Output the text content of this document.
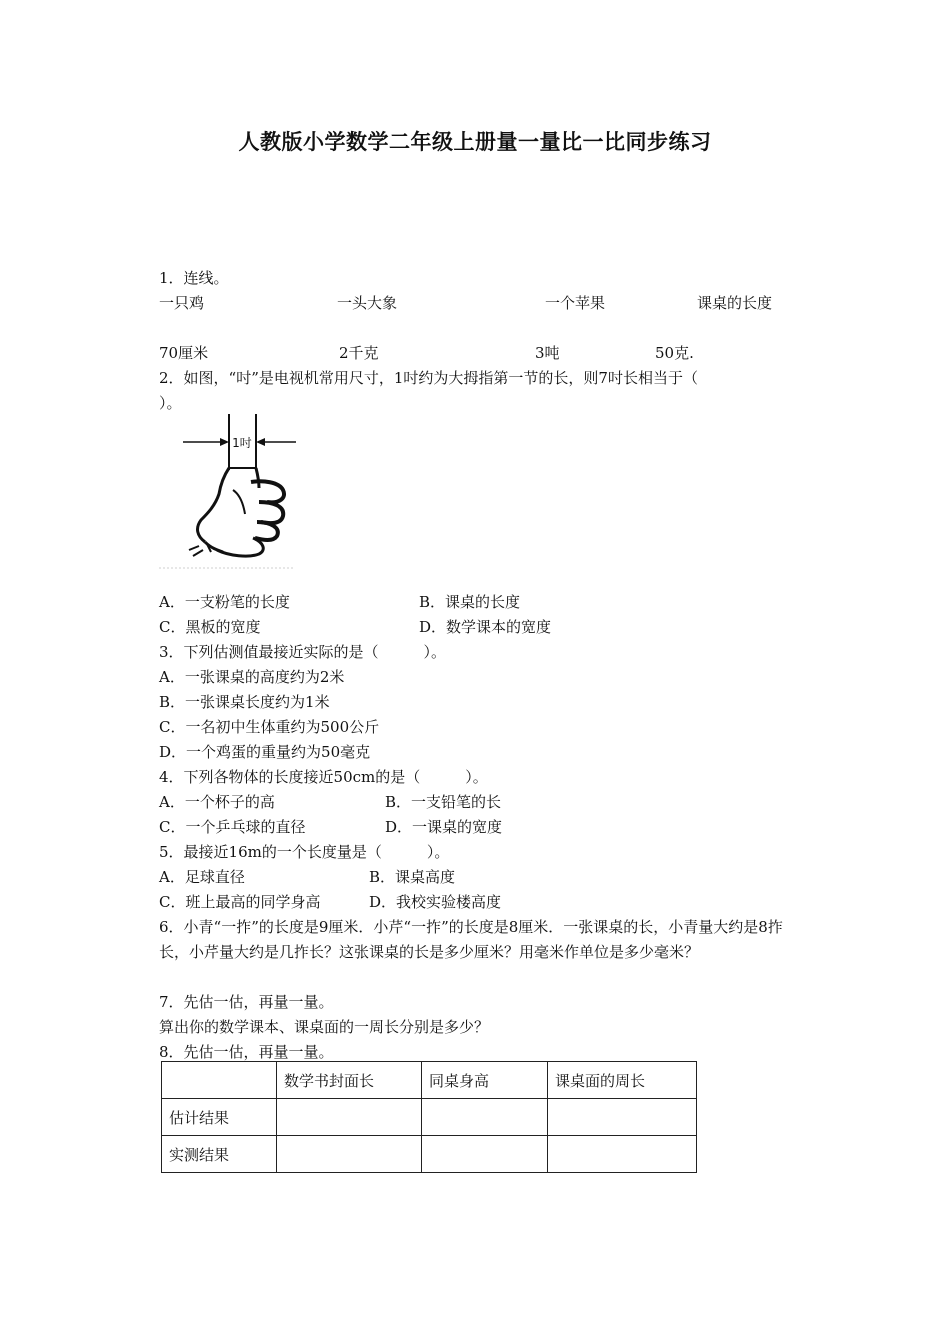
人教版小学数学二年级上册量一量比一比同步练习
1．连线。
一只鸡	一头大象	一个苹果	课桌的长度
70厘米	2千克	3吨	50克.
2．如图，“吋”是电视机常用尺寸，1吋约为大拇指第一节的长，则7吋长相当于（
）。
1吋
A．一支粉笔的长度	B．课桌的长度
C．黑板的宽度	D．数学课本的宽度
3．下列估测值最接近实际的是（　　　）。
A．一张课桌的高度约为2米
B．一张课桌长度约为1米
C．一名初中生体重约为500公斤
D．一个鸡蛋的重量约为50毫克
4．下列各物体的长度接近50cm的是（　　　）。
A．一个杯子的高	B．一支铅笔的长
C．一个乒乓球的直径	D．一课桌的宽度
5．最接近16m的一个长度量是（　　　）。
A．足球直径	B．课桌高度
C．班上最高的同学身高	D．我校实验楼高度
6．小青“一拃”的长度是9厘米．小芹“一拃”的长度是8厘米．一张课桌的长，小青量大约是8拃长，小芹量大约是几拃长？这张课桌的长是多少厘米？用毫米作单位是多少毫米？
7．先估一估，再量一量。
算出你的数学课本、课桌面的一周长分别是多少？
8．先估一估，再量一量。
	数学书封面长	同桌身高	课桌面的周长
估计结果			
实测结果			
